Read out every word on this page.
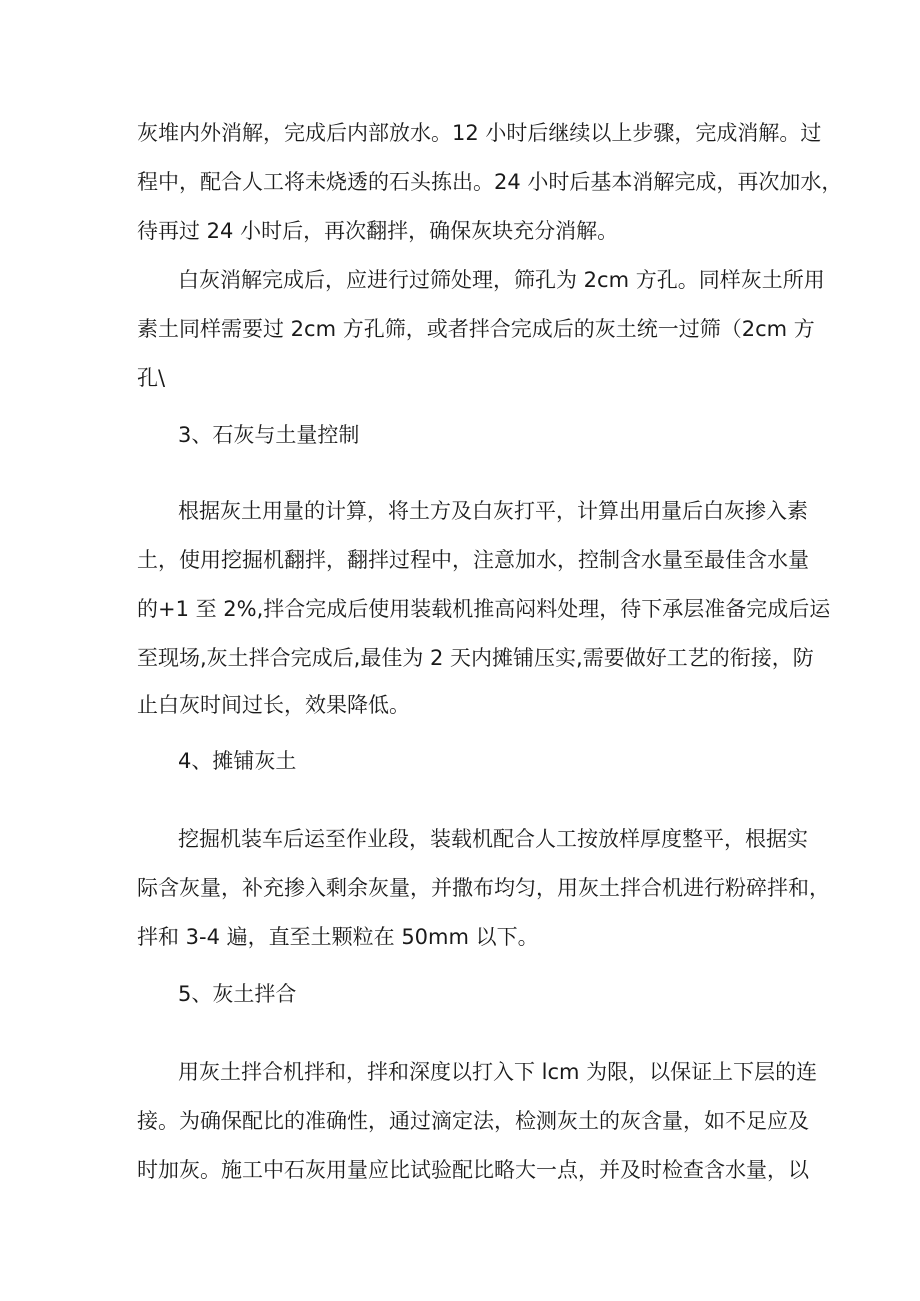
灰堆内外消解，完成后内部放水。12 小时后继续以上步骤，完成消解。过
程中，配合人工将未烧透的石头拣出。24 小时后基本消解完成，再次加水，
待再过 24 小时后，再次翻拌，确保灰块充分消解。
白灰消解完成后，应进行过筛处理，筛孔为 2cm 方孔。同样灰土所用
素土同样需要过 2cm 方孔筛，或者拌合完成后的灰土统一过筛（2cm 方
孔\
3、石灰与土量控制
根据灰土用量的计算，将土方及白灰打平，计算出用量后白灰掺入素
土，使用挖掘机翻拌，翻拌过程中，注意加水，控制含水量至最佳含水量
的+1 至 2%,拌合完成后使用装载机推高闷料处理，待下承层准备完成后运
至现场,灰土拌合完成后,最佳为 2 天内摊铺压实,需要做好工艺的衔接，防
止白灰时间过长，效果降低。
4、摊铺灰土
挖掘机装车后运至作业段，装载机配合人工按放样厚度整平，根据实
际含灰量，补充掺入剩余灰量，并撒布均匀，用灰土拌合机进行粉碎拌和，
拌和 3-4 遍，直至土颗粒在 50mm 以下。
5、灰土拌合
用灰土拌合机拌和，拌和深度以打入下 lcm 为限，以保证上下层的连
接。为确保配比的准确性，通过滴定法，检测灰土的灰含量，如不足应及
时加灰。施工中石灰用量应比试验配比略大一点，并及时检查含水量，以
